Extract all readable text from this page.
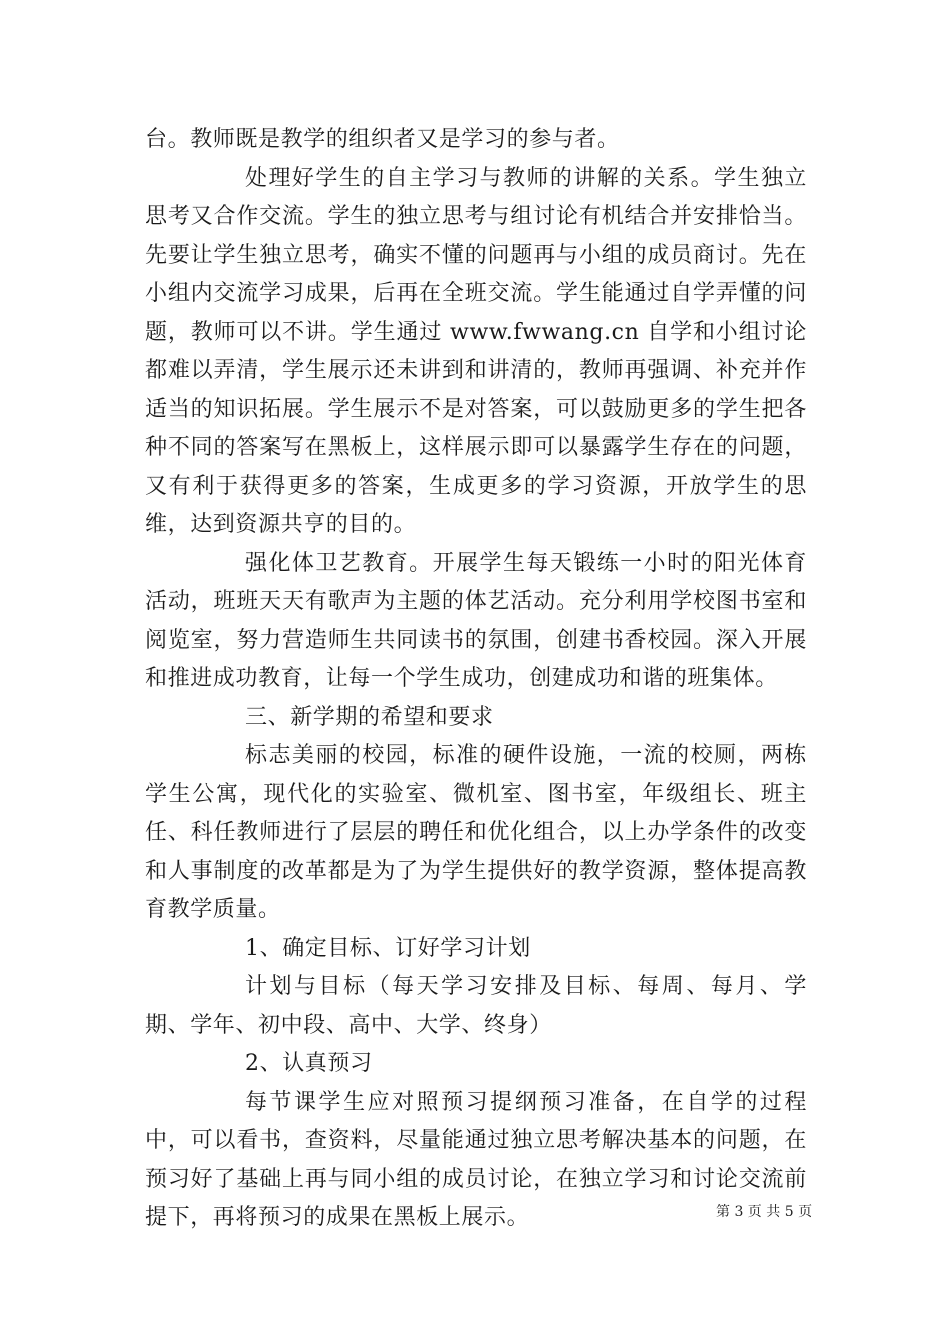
台。教师既是教学的组织者又是学习的参与者。

处理好学生的自主学习与教师的讲解的关系。学生独立思考又合作交流。学生的独立思考与组讨论有机结合并安排恰当。先要让学生独立思考，确实不懂的问题再与小组的成员商讨。先在小组内交流学习成果，后再在全班交流。学生能通过自学弄懂的问题，教师可以不讲。学生通过 www.fwwang.cn 自学和小组讨论都难以弄清，学生展示还未讲到和讲清的，教师再强调、补充并作适当的知识拓展。学生展示不是对答案，可以鼓励更多的学生把各种不同的答案写在黑板上，这样展示即可以暴露学生存在的问题，又有利于获得更多的答案，生成更多的学习资源，开放学生的思维，达到资源共亨的目的。

强化体卫艺教育。开展学生每天锻练一小时的阳光体育活动，班班天天有歌声为主题的体艺活动。充分利用学校图书室和阅览室，努力营造师生共同读书的氛围，创建书香校园。深入开展和推进成功教育，让每一个学生成功，创建成功和谐的班集体。

三、新学期的希望和要求

标志美丽的校园，标准的硬件设施，一流的校厕，两栋学生公寓，现代化的实验室、微机室、图书室，年级组长、班主任、科任教师进行了层层的聘任和优化组合，以上办学条件的改变和人事制度的改革都是为了为学生提供好的教学资源，整体提高教育教学质量。

1、确定目标、订好学习计划

计划与目标（每天学习安排及目标、每周、每月、学期、学年、初中段、高中、大学、终身）

2、认真预习

每节课学生应对照预习提纲预习准备，在自学的过程中，可以看书，查资料，尽量能通过独立思考解决基本的问题，在预习好了基础上再与同小组的成员讨论，在独立学习和讨论交流前提下，再将预习的成果在黑板上展示。	第 3 页 共 5 页
